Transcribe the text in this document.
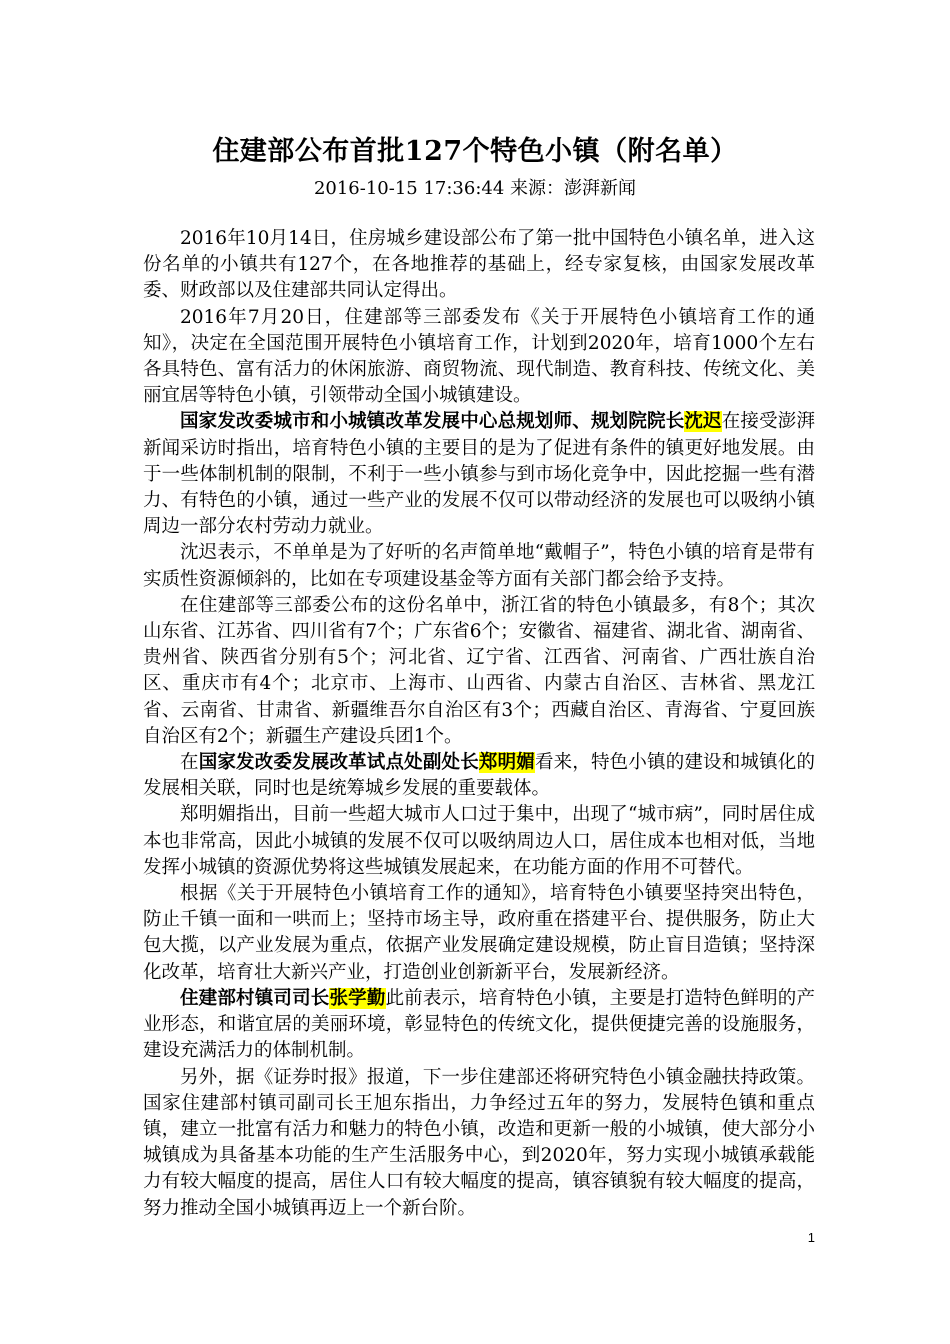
住建部公布首批127个特色小镇（附名单）
2016-10-15 17:36:44 来源：澎湃新闻

2016年10月14日，住房城乡建设部公布了第一批中国特色小镇名单，进入这份名单的小镇共有127个，在各地推荐的基础上，经专家复核，由国家发展改革委、财政部以及住建部共同认定得出。

2016年7月20日，住建部等三部委发布《关于开展特色小镇培育工作的通知》，决定在全国范围开展特色小镇培育工作，计划到2020年，培育1000个左右各具特色、富有活力的休闲旅游、商贸物流、现代制造、教育科技、传统文化、美丽宜居等特色小镇，引领带动全国小城镇建设。

国家发改委城市和小城镇改革发展中心总规划师、规划院院长沈迟在接受澎湃新闻采访时指出，培育特色小镇的主要目的是为了促进有条件的镇更好地发展。由于一些体制机制的限制，不利于一些小镇参与到市场化竞争中，因此挖掘一些有潜力、有特色的小镇，通过一些产业的发展不仅可以带动经济的发展也可以吸纳小镇周边一部分农村劳动力就业。

沈迟表示，不单单是为了好听的名声简单地“戴帽子”，特色小镇的培育是带有实质性资源倾斜的，比如在专项建设基金等方面有关部门都会给予支持。

在住建部等三部委公布的这份名单中，浙江省的特色小镇最多，有8个；其次山东省、江苏省、四川省有7个；广东省6个；安徽省、福建省、湖北省、湖南省、贵州省、陕西省分别有5个；河北省、辽宁省、江西省、河南省、广西壮族自治区、重庆市有4个；北京市、上海市、山西省、内蒙古自治区、吉林省、黑龙江省、云南省、甘肃省、新疆维吾尔自治区有3个；西藏自治区、青海省、宁夏回族自治区有2个；新疆生产建设兵团1个。

在国家发改委发展改革试点处副处长郑明媚看来，特色小镇的建设和城镇化的发展相关联，同时也是统筹城乡发展的重要载体。

郑明媚指出，目前一些超大城市人口过于集中，出现了“城市病”，同时居住成本也非常高，因此小城镇的发展不仅可以吸纳周边人口，居住成本也相对低，当地发挥小城镇的资源优势将这些城镇发展起来，在功能方面的作用不可替代。

根据《关于开展特色小镇培育工作的通知》，培育特色小镇要坚持突出特色，防止千镇一面和一哄而上；坚持市场主导，政府重在搭建平台、提供服务，防止大包大揽，以产业发展为重点，依据产业发展确定建设规模，防止盲目造镇；坚持深化改革，培育壮大新兴产业，打造创业创新新平台，发展新经济。

住建部村镇司司长张学勤此前表示，培育特色小镇，主要是打造特色鲜明的产业形态，和谐宜居的美丽环境，彰显特色的传统文化，提供便捷完善的设施服务，建设充满活力的体制机制。

另外，据《证券时报》报道，下一步住建部还将研究特色小镇金融扶持政策。国家住建部村镇司副司长王旭东指出，力争经过五年的努力，发展特色镇和重点镇，建立一批富有活力和魅力的特色小镇，改造和更新一般的小城镇，使大部分小城镇成为具备基本功能的生产生活服务中心，到2020年，努力实现小城镇承载能力有较大幅度的提高，居住人口有较大幅度的提高，镇容镇貌有较大幅度的提高，努力推动全国小城镇再迈上一个新台阶。

1
